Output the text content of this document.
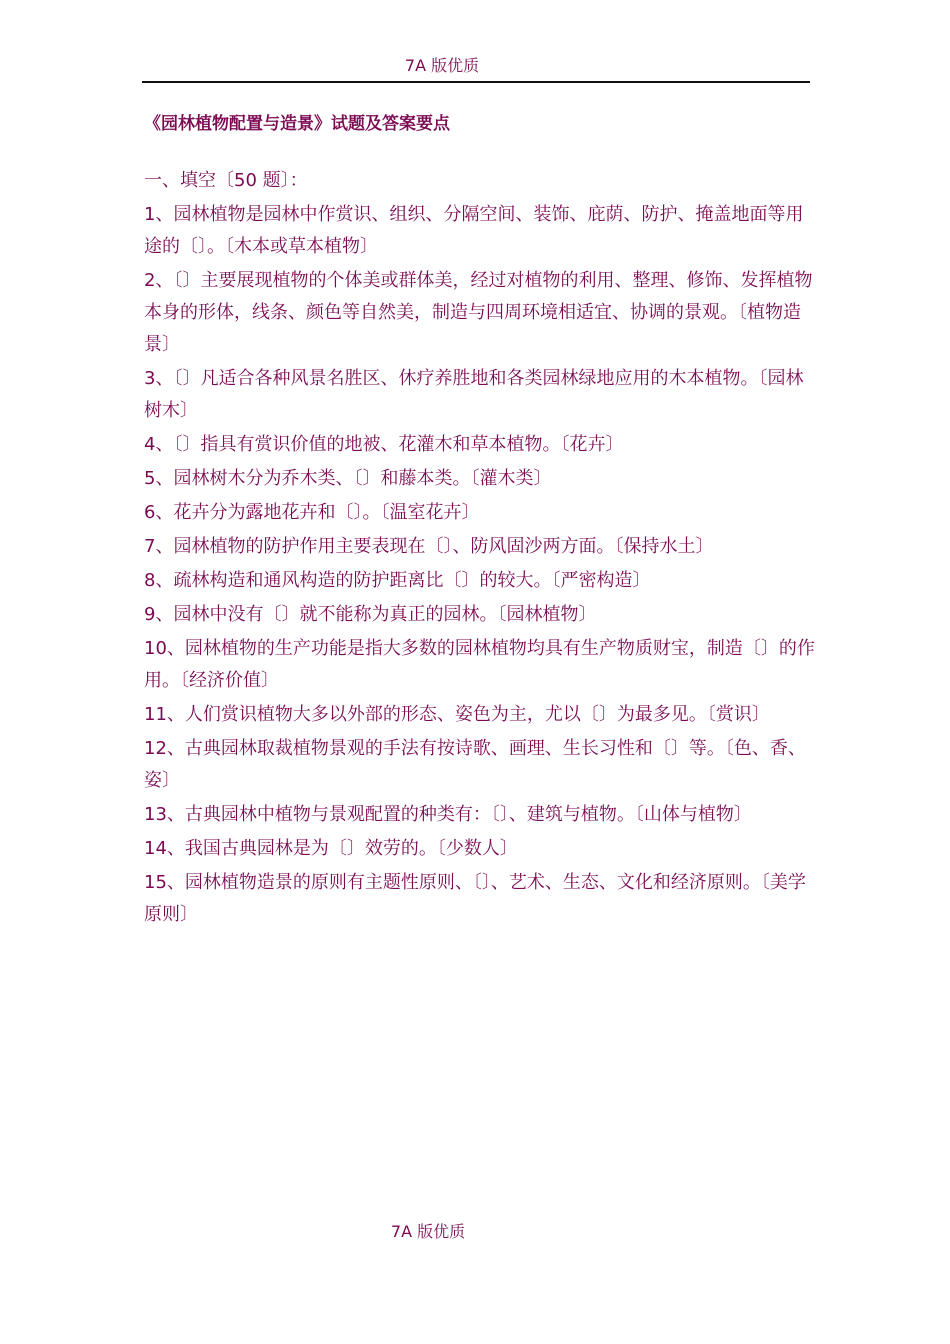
7A 版优质
《园林植物配置与造景》试题及答案要点
一、填空〔50 题〕：
1、园林植物是园林中作赏识、组织、分隔空间、装饰、庇荫、防护、掩盖地面等用途的〔〕。〔木本或草本植物〕
2、〔〕主要展现植物的个体美或群体美，经过对植物的利用、整理、修饰、发挥植物本身的形体，线条、颜色等自然美，制造与四周环境相适宜、协调的景观。〔植物造景〕
3、〔〕凡适合各种风景名胜区、休疗养胜地和各类园林绿地应用的木本植物。〔园林树木〕
4、〔〕指具有赏识价值的地被、花灌木和草本植物。〔花卉〕
5、园林树木分为乔木类、〔〕和藤本类。〔灌木类〕
6、花卉分为露地花卉和〔〕。〔温室花卉〕
7、园林植物的防护作用主要表现在〔〕、防风固沙两方面。〔保持水土〕
8、疏林构造和通风构造的防护距离比〔〕的较大。〔严密构造〕
9、园林中没有〔〕就不能称为真正的园林。〔园林植物〕
10、园林植物的生产功能是指大多数的园林植物均具有生产物质财宝，制造〔〕的作用。〔经济价值〕
11、人们赏识植物大多以外部的形态、姿色为主，尤以〔〕为最多见。〔赏识〕
12、古典园林取裁植物景观的手法有按诗歌、画理、生长习性和〔〕等。〔色、香、姿〕
13、古典园林中植物与景观配置的种类有：〔〕、建筑与植物。〔山体与植物〕
14、我国古典园林是为〔〕效劳的。〔少数人〕
15、园林植物造景的原则有主题性原则、〔〕、艺术、生态、文化和经济原则。〔美学原则〕
7A 版优质
